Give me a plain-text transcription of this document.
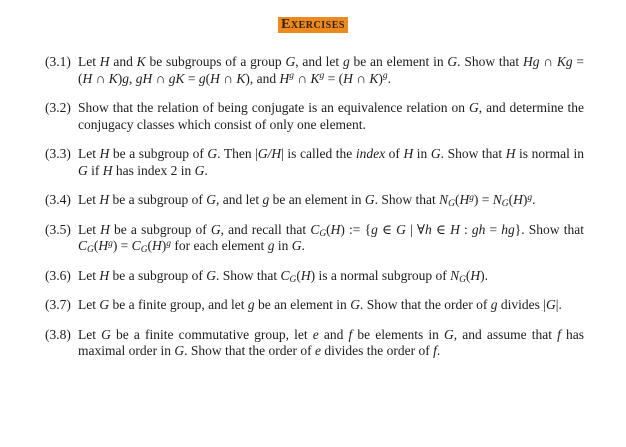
Exercises
(3.1) Let H and K be subgroups of a group G, and let g be an element in G. Show that Hg ∩ Kg = (H ∩ K)g, gH ∩ gK = g(H ∩ K), and $H^g$ ∩ $K^g = (H$ ∩ K)$^g$.
(3.2) Show that the relation of being conjugate is an equivalence relation on G, and determine the conjugacy classes which consist of only one element.
(3.3) Let H be a subgroup of G. Then |G/H| is called the index of H in G. Show that H is normal in G if H has index 2 in G.
(3.4) Let H be a subgroup of G, and let g be an element in G. Show that $N_G(H^g) = N_G(H)^g$.
(3.5) Let H be a subgroup of G, and recall that $C_G(H)$ := {g ∈ G | ∀h ∈ H : gh = hg}. Show that $C_G(H^g) = C_G(H)^g$ for each element g in G.
(3.6) Let H be a subgroup of G. Show that $C_G(H)$ is a normal subgroup of $N_G(H)$.
(3.7) Let G be a finite group, and let g be an element in G. Show that the order of g divides |G|.
(3.8) Let G be a finite commutative group, let e and f be elements in G, and assume that f has maximal order in G. Show that the order of e divides the order of f.
